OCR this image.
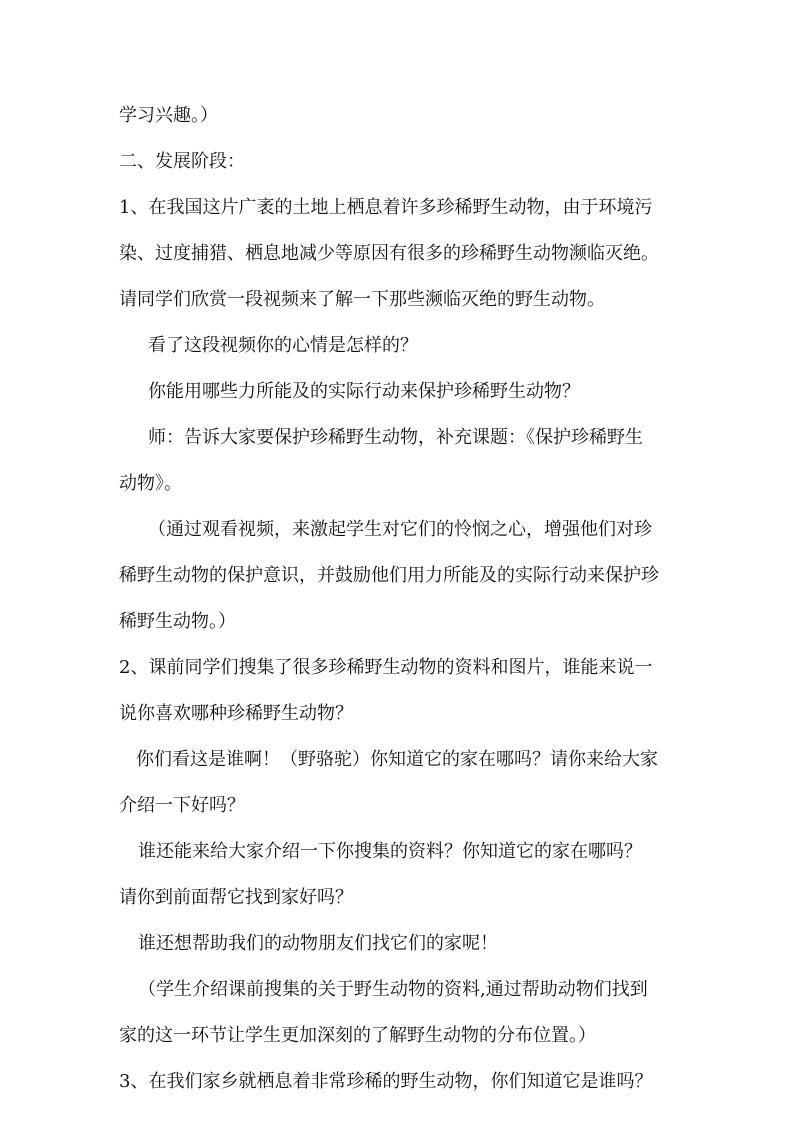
学习兴趣。）
二、发展阶段：
1、在我国这片广袤的土地上栖息着许多珍稀野生动物，由于环境污
染、过度捕猎、栖息地减少等原因有很多的珍稀野生动物濒临灭绝。
请同学们欣赏一段视频来了解一下那些濒临灭绝的野生动物。
看了这段视频你的心情是怎样的？
你能用哪些力所能及的实际行动来保护珍稀野生动物？
师：告诉大家要保护珍稀野生动物，补充课题：《保护珍稀野生
动物》。
（通过观看视频，来激起学生对它们的怜悯之心，增强他们对珍
稀野生动物的保护意识，并鼓励他们用力所能及的实际行动来保护珍
稀野生动物。）
2、课前同学们搜集了很多珍稀野生动物的资料和图片，谁能来说一
说你喜欢哪种珍稀野生动物？
你们看这是谁啊！（野骆驼）你知道它的家在哪吗？请你来给大家
介绍一下好吗？
谁还能来给大家介绍一下你搜集的资料？你知道它的家在哪吗？
请你到前面帮它找到家好吗？
谁还想帮助我们的动物朋友们找它们的家呢！
（学生介绍课前搜集的关于野生动物的资料,通过帮助动物们找到
家的这一环节让学生更加深刻的了解野生动物的分布位置。）
3、在我们家乡就栖息着非常珍稀的野生动物，你们知道它是谁吗？
